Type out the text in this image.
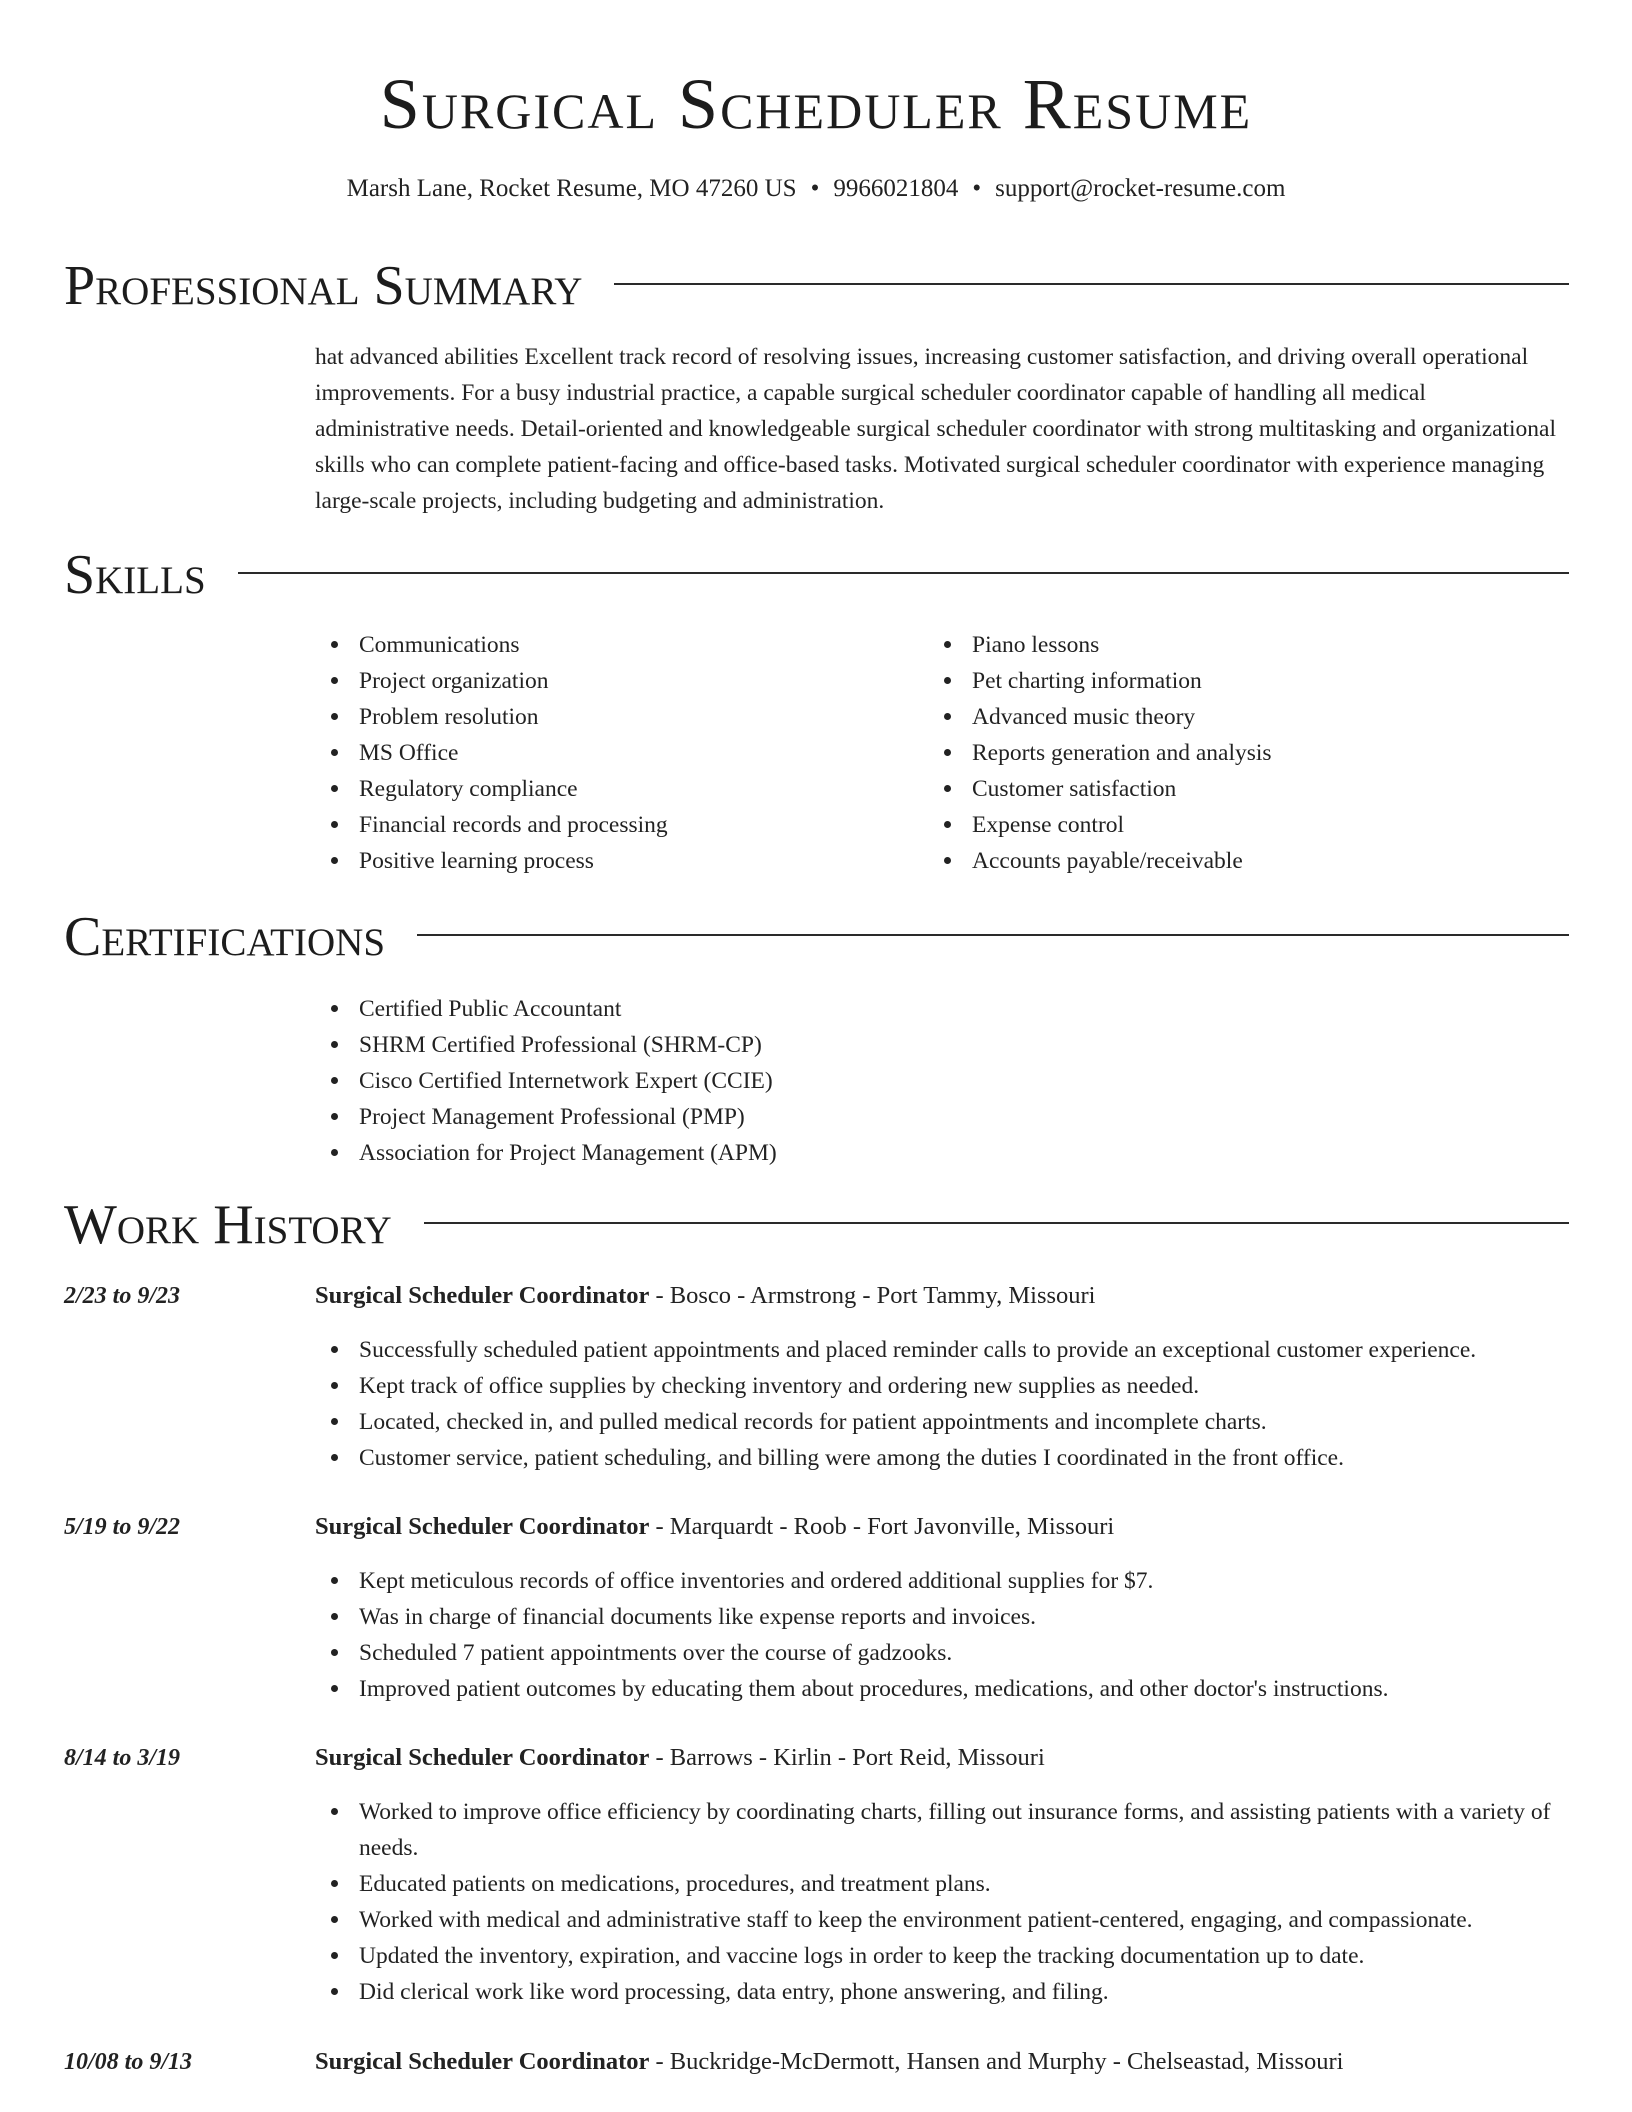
Surgical Scheduler Resume
Marsh Lane, Rocket Resume, MO 47260 US • 9966021804 • support@rocket-resume.com
Professional Summary
hat advanced abilities Excellent track record of resolving issues, increasing customer satisfaction, and driving overall operational improvements. For a busy industrial practice, a capable surgical scheduler coordinator capable of handling all medical administrative needs. Detail-oriented and knowledgeable surgical scheduler coordinator with strong multitasking and organizational skills who can complete patient-facing and office-based tasks. Motivated surgical scheduler coordinator with experience managing large-scale projects, including budgeting and administration.
Skills
Communications
Project organization
Problem resolution
MS Office
Regulatory compliance
Financial records and processing
Positive learning process
Piano lessons
Pet charting information
Advanced music theory
Reports generation and analysis
Customer satisfaction
Expense control
Accounts payable/receivable
Certifications
Certified Public Accountant
SHRM Certified Professional (SHRM-CP)
Cisco Certified Internetwork Expert (CCIE)
Project Management Professional (PMP)
Association for Project Management (APM)
Work History
2/23 to 9/23	Surgical Scheduler Coordinator - Bosco - Armstrong - Port Tammy, Missouri
Successfully scheduled patient appointments and placed reminder calls to provide an exceptional customer experience.
Kept track of office supplies by checking inventory and ordering new supplies as needed.
Located, checked in, and pulled medical records for patient appointments and incomplete charts.
Customer service, patient scheduling, and billing were among the duties I coordinated in the front office.
5/19 to 9/22	Surgical Scheduler Coordinator - Marquardt - Roob - Fort Javonville, Missouri
Kept meticulous records of office inventories and ordered additional supplies for $7.
Was in charge of financial documents like expense reports and invoices.
Scheduled 7 patient appointments over the course of gadzooks.
Improved patient outcomes by educating them about procedures, medications, and other doctor's instructions.
8/14 to 3/19	Surgical Scheduler Coordinator - Barrows - Kirlin - Port Reid, Missouri
Worked to improve office efficiency by coordinating charts, filling out insurance forms, and assisting patients with a variety of needs.
Educated patients on medications, procedures, and treatment plans.
Worked with medical and administrative staff to keep the environment patient-centered, engaging, and compassionate.
Updated the inventory, expiration, and vaccine logs in order to keep the tracking documentation up to date.
Did clerical work like word processing, data entry, phone answering, and filing.
10/08 to 9/13	Surgical Scheduler Coordinator - Buckridge-McDermott, Hansen and Murphy - Chelseastad, Missouri
